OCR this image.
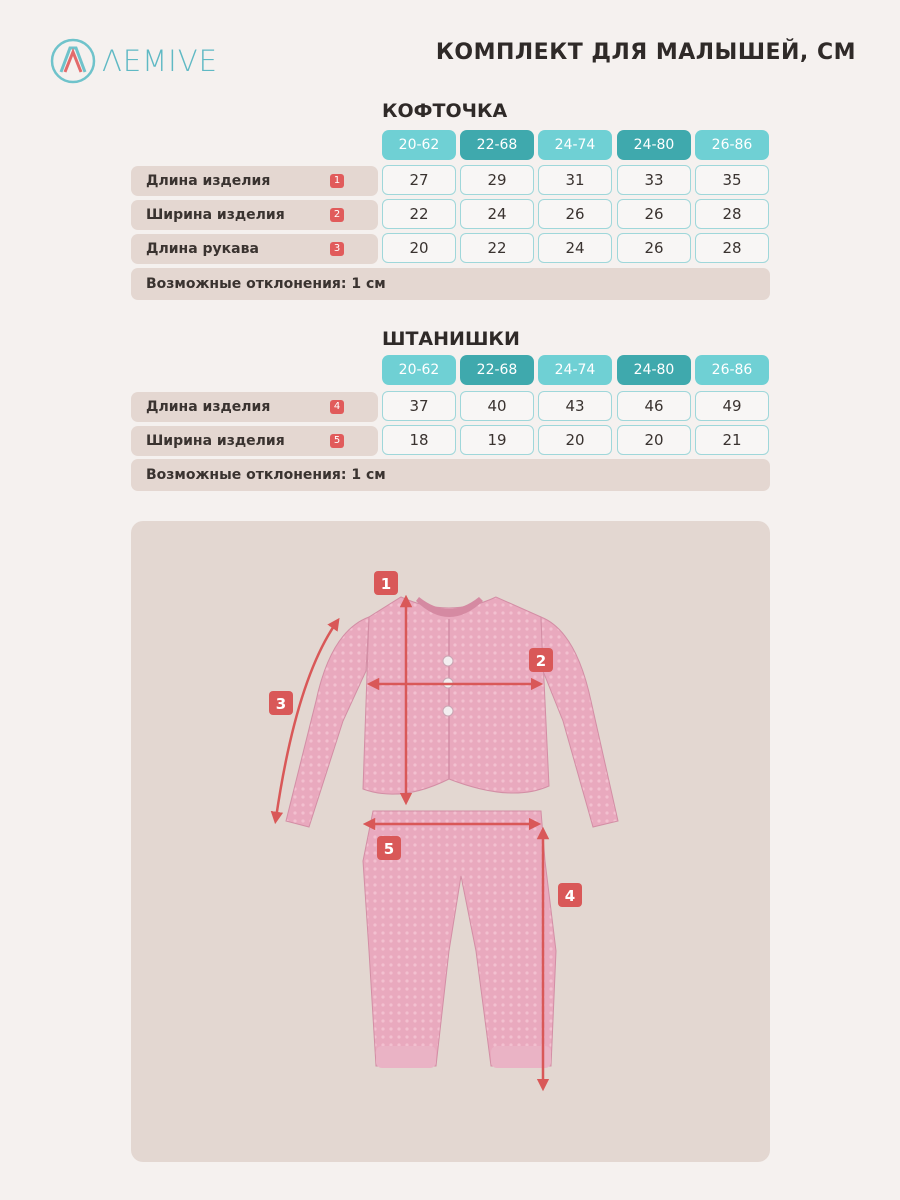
ΛEMIVE	КОМПЛЕКТ ДЛЯ МАЛЫШЕЙ, СМ
КОФТОЧКА
20-62	22-68	24-74	24-80	26-86
Длина изделия	1	27	29	31	33	35
Ширина изделия	2	22	24	26	26	28
Длина рукава	3	20	22	24	26	28
Возможные отклонения: 1 см
ШТАНИШКИ
20-62	22-68	24-74	24-80	26-86
Длина изделия	4	37	40	43	46	49
Ширина изделия	5	18	19	20	20	21
Возможные отклонения: 1 см
1
2
3
4
5
